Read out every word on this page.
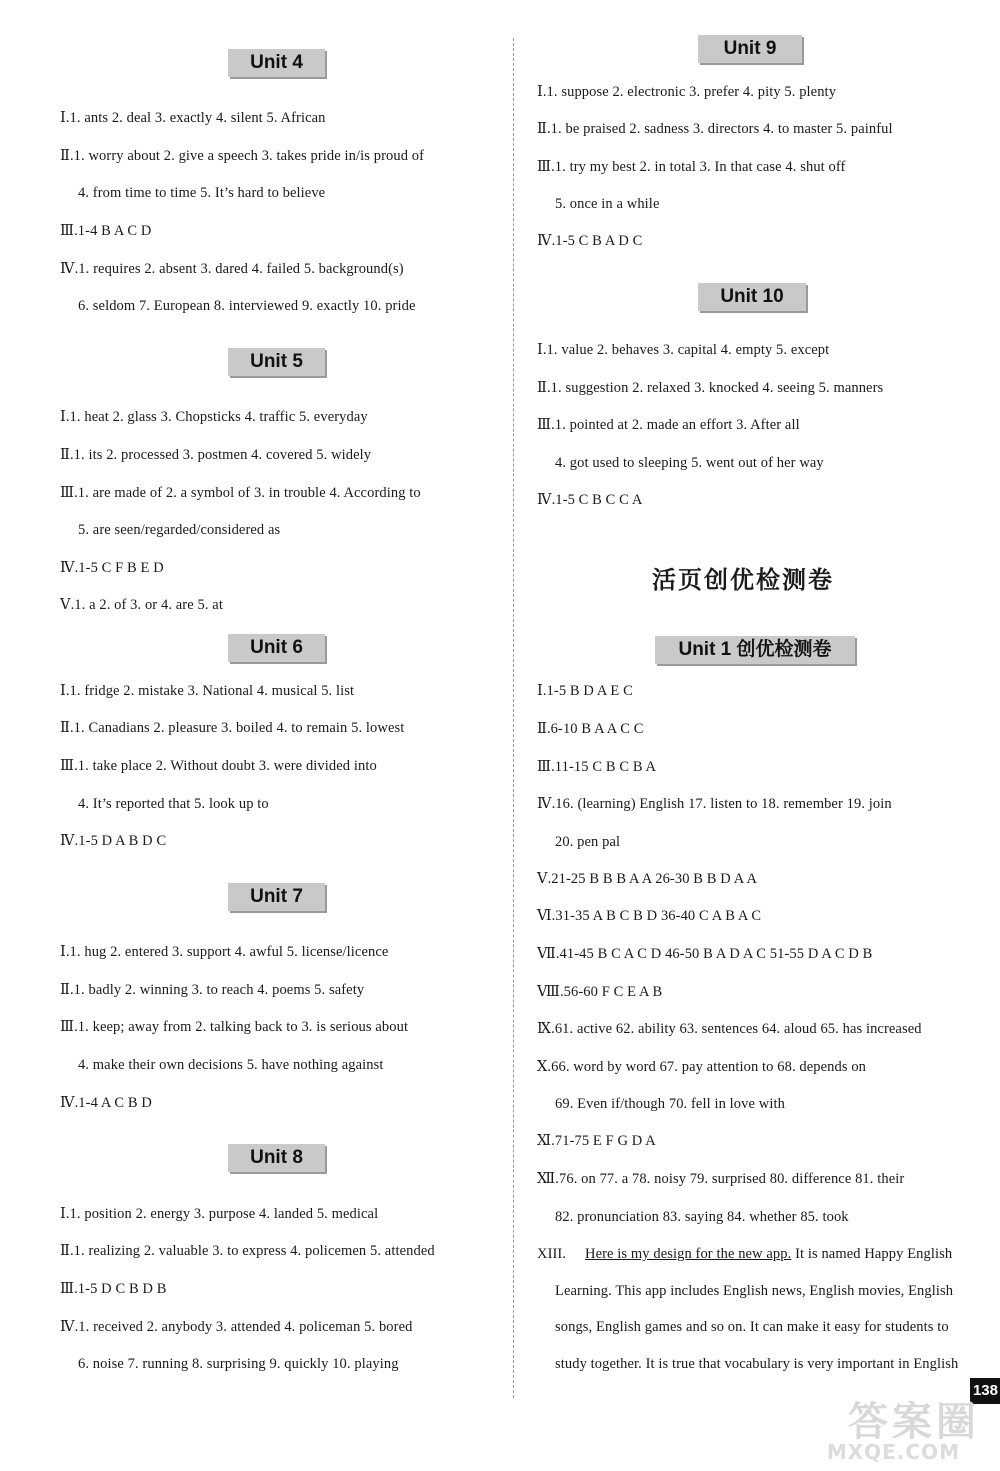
Unit 4
Ⅰ.1. ants 2. deal 3. exactly 4. silent 5. African
Ⅱ.1. worry about 2. give a speech 3. takes pride in/is proud of
4. from time to time 5. It’s hard to believe
Ⅲ.1-4 B A C D
Ⅳ.1. requires 2. absent 3. dared 4. failed 5. background(s)
6. seldom 7. European 8. interviewed 9. exactly 10. pride
Unit 5
Ⅰ.1. heat 2. glass 3. Chopsticks 4. traffic 5. everyday
Ⅱ.1. its 2. processed 3. postmen 4. covered 5. widely
Ⅲ.1. are made of 2. a symbol of 3. in trouble 4. According to
5. are seen/regarded/considered as
Ⅳ.1-5 C F B E D
Ⅴ.1. a 2. of 3. or 4. are 5. at
Unit 6
Ⅰ.1. fridge 2. mistake 3. National 4. musical 5. list
Ⅱ.1. Canadians 2. pleasure 3. boiled 4. to remain 5. lowest
Ⅲ.1. take place 2. Without doubt 3. were divided into
4. It’s reported that 5. look up to
Ⅳ.1-5 D A B D C
Unit 7
Ⅰ.1. hug 2. entered 3. support 4. awful 5. license/licence
Ⅱ.1. badly 2. winning 3. to reach 4. poems 5. safety
Ⅲ.1. keep; away from 2. talking back to 3. is serious about
4. make their own decisions 5. have nothing against
Ⅳ.1-4 A C B D
Unit 8
Ⅰ.1. position 2. energy 3. purpose 4. landed 5. medical
Ⅱ.1. realizing 2. valuable 3. to express 4. policemen 5. attended
Ⅲ.1-5 D C B D B
Ⅳ.1. received 2. anybody 3. attended 4. policeman 5. bored
6. noise 7. running 8. surprising 9. quickly 10. playing
Unit 9
Ⅰ.1. suppose 2. electronic 3. prefer 4. pity 5. plenty
Ⅱ.1. be praised 2. sadness 3. directors 4. to master 5. painful
Ⅲ.1. try my best 2. in total 3. In that case 4. shut off
5. once in a while
Ⅳ.1-5 C B A D C
Unit 10
Ⅰ.1. value 2. behaves 3. capital 4. empty 5. except
Ⅱ.1. suggestion 2. relaxed 3. knocked 4. seeing 5. manners
Ⅲ.1. pointed at 2. made an effort 3. After all
4. got used to sleeping 5. went out of her way
Ⅳ.1-5 C B C C A
活页创优检测卷
Unit 1 创优检测卷
Ⅰ.1-5 B D A E C
Ⅱ.6-10 B A A C C
Ⅲ.11-15 C B C B A
Ⅳ.16. (learning) English 17. listen to 18. remember 19. join
20. pen pal
Ⅴ.21-25 B B B A A 26-30 B B D A A
Ⅵ.31-35 A B C B D 36-40 C A B A C
Ⅶ.41-45 B C A C D 46-50 B A D A C 51-55 D A C D B
Ⅷ.56-60 F C E A B
Ⅸ.61. active 62. ability 63. sentences 64. aloud 65. has increased
Ⅹ.66. word by word 67. pay attention to 68. depends on
69. Even if/though 70. fell in love with
Ⅺ.71-75 E F G D A
Ⅻ.76. on 77. a 78. noisy 79. surprised 80. difference 81. their
82. pronunciation 83. saying 84. whether 85. took
XIII. Here is my design for the new app. It is named Happy English
Learning. This app includes English news, English movies, English
songs, English games and so on. It can make it easy for students to
study together. It is true that vocabulary is very important in English
138
答案圈
MXQE.COM
